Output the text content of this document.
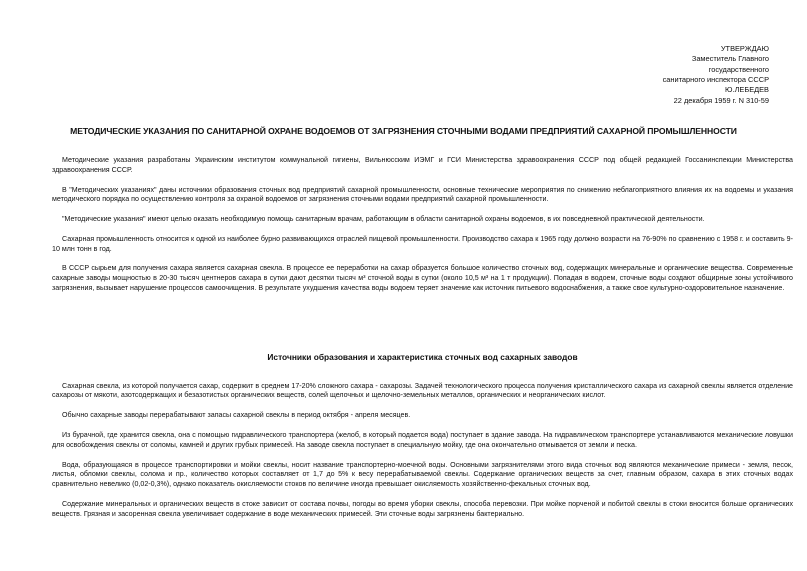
УТВЕРЖДАЮ
Заместитель Главного
государственного
санитарного инспектора СССР
Ю.ЛЕБЕДЕВ
22 декабря 1959 г. N 310-59
МЕТОДИЧЕСКИЕ УКАЗАНИЯ ПО САНИТАРНОЙ ОХРАНЕ ВОДОЕМОВ ОТ ЗАГРЯЗНЕНИЯ СТОЧНЫМИ ВОДАМИ ПРЕДПРИЯТИЙ САХАРНОЙ ПРОМЫШЛЕННОСТИ

Методические указания разработаны Украинским институтом коммунальной гигиены, Вильнюсским ИЭМГ и ГСИ Министерства здравоохранения СССР под общей редакцией Госсанинспекции Министерства здравоохранения СССР.

В "Методических указаниях" даны источники образования сточных вод предприятий сахарной промышленности, основные технические мероприятия по снижению неблагоприятного влияния их на водоемы и указания методического порядка по осуществлению контроля за охраной водоемов от загрязнения сточными водами предприятий сахарной промышленности.

"Методические указания" имеют целью оказать необходимую помощь санитарным врачам, работающим в области санитарной охраны водоемов, в их повседневной практической деятельности.

Сахарная промышленность относится к одной из наиболее бурно развивающихся отраслей пищевой промышленности. Производство сахара к 1965 году должно возрасти на 76-90% по сравнению с 1958 г. и составить 9-10 млн тонн в год.

В СССР сырьем для получения сахара является сахарная свекла. В процессе ее переработки на сахар образуется большое количество сточных вод, содержащих минеральные и органические вещества. Современные сахарные заводы мощностью в 20-30 тысяч центнеров сахара в сутки дают десятки тысяч м³ сточной воды в сутки (около 10,5 м³ на 1 т продукции). Попадая в водоем, сточные воды создают общирные зоны устойчивого загрязнения, вызывает нарушение процессов самоочищения. В результате ухудшения качества воды водоем теряет значение как источник питьевого водоснабжения, а также свое культурно-оздоровительное назначение.

Источники образования и характеристика сточных вод сахарных заводов

Сахарная свекла, из которой получается сахар, содержит в среднем 17-20% сложного сахара - сахарозы. Задачей технологического процесса получения кристаллического сахара из сахарной свеклы является отделение сахарозы от мякоти, азотсодержащих и безазотистых органических веществ, солей щелочных и щелочно-земельных металлов, органических и неорганических кислот.

Обычно сахарные заводы перерабатывают запасы сахарной свеклы в период октября - апреля месяцев.

Из бурачной, где хранится свекла, она с помощью гидравлического транспортера (желоб, в который подается вода) поступает в здание завода. На гидравлическом транспортере устанавливаются механические ловушки для освобождения свеклы от соломы, камней и других грубых примесей. На заводе свекла поступает в специальную мойку, где она окончательно отмывается от земли и песка.

Вода, образующаяся в процессе транспортировки и мойки свеклы, носит название транспортерно-моечной воды. Основными загрязнителями этого вида сточных вод являются механические примеси - земля, песок, листья, обломки свеклы, солома и пр., количество которых составляет от 1,7 до 5% к весу перерабатываемой свеклы. Содержание органических веществ за счет, главным образом, сахара в этих сточных водах сравнительно невелико (0,02-0,3%), однако показатель окисляемости стоков по величине иногда превышает окисляемость хозяйственно-фекальных сточных вод.

Содержание минеральных и органических веществ в стоке зависит от состава почвы, погоды во время уборки свеклы, способа перевозки. При мойке порченой и побитой свеклы в стоки вносится больше органических веществ. Грязная и засоренная свекла увеличивает содержание в воде механических примесей. Эти сточные воды загрязнены бактериально.
